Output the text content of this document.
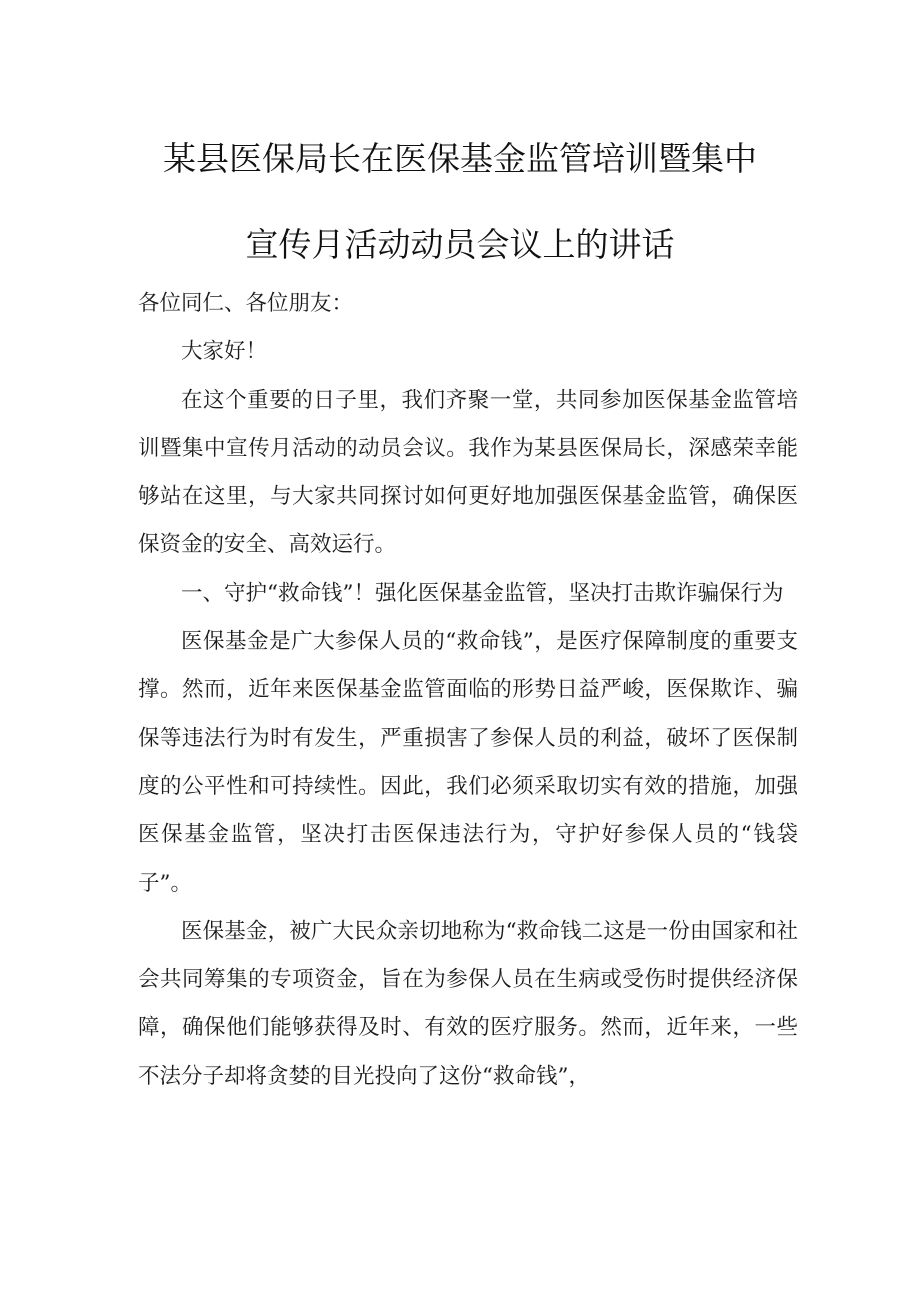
某县医保局长在医保基金监管培训暨集中
宣传月活动动员会议上的讲话

各位同仁、各位朋友：

大家好！

在这个重要的日子里，我们齐聚一堂，共同参加医保基金监管培训暨集中宣传月活动的动员会议。我作为某县医保局长，深感荣幸能够站在这里，与大家共同探讨如何更好地加强医保基金监管，确保医保资金的安全、高效运行。

一、守护“救命钱”！强化医保基金监管，坚决打击欺诈骗保行为

医保基金是广大参保人员的“救命钱”，是医疗保障制度的重要支撑。然而，近年来医保基金监管面临的形势日益严峻，医保欺诈、骗保等违法行为时有发生，严重损害了参保人员的利益，破坏了医保制度的公平性和可持续性。因此，我们必须采取切实有效的措施，加强医保基金监管，坚决打击医保违法行为，守护好参保人员的“钱袋子”。

医保基金，被广大民众亲切地称为“救命钱二这是一份由国家和社会共同筹集的专项资金，旨在为参保人员在生病或受伤时提供经济保障，确保他们能够获得及时、有效的医疗服务。然而，近年来，一些不法分子却将贪婪的目光投向了这份“救命钱”，
